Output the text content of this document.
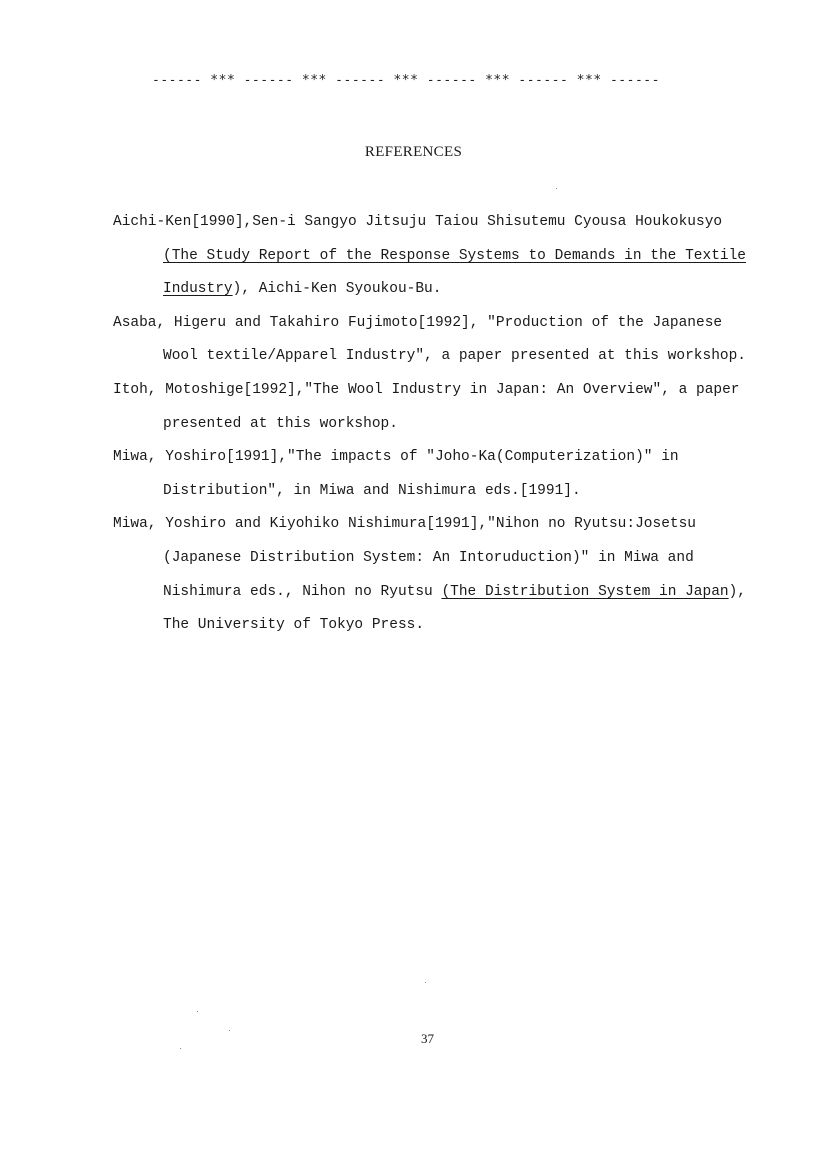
------ *** ------ *** ------ *** ------ *** ------ *** ------
REFERENCES
Aichi-Ken[1990],Sen-i Sangyo Jitsuju Taiou Shisutemu Cyousa Houkokusyo (The Study Report of the Response Systems to Demands in the Textile Industry), Aichi-Ken Syoukou-Bu.
Asaba, Higeru and Takahiro Fujimoto[1992], "Production of the Japanese Wool textile/Apparel Industry", a paper presented at this workshop.
Itoh, Motoshige[1992],"The Wool Industry in Japan: An Overview", a paper presented at this workshop.
Miwa, Yoshiro[1991],"The impacts of "Joho-Ka(Computerization)" in Distribution", in Miwa and Nishimura eds.[1991].
Miwa, Yoshiro and Kiyohiko Nishimura[1991],"Nihon no Ryutsu:Josetsu (Japanese Distribution System: An Intoruduction)" in Miwa and Nishimura eds., Nihon no Ryutsu (The Distribution System in Japan), The University of Tokyo Press.
37
